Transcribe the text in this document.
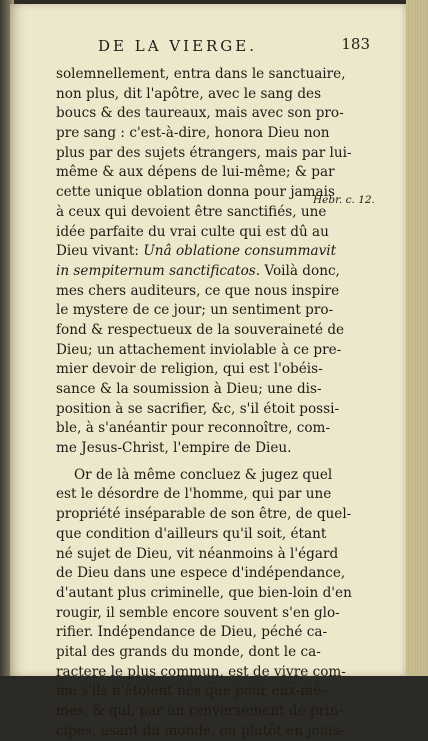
DE LA VIERGE.	183
solemnellement, entra dans le sanctuaire,
non plus, dit l'apôtre, avec le sang des
boucs & des taureaux, mais avec son pro-
pre sang : c'est-à-dire, honora Dieu non
plus par des sujets étrangers, mais par lui-
même & aux dépens de lui-même; & par
cette unique oblation donna pour jamais
à ceux qui devoient être sanctifiés, une
idée parfaite du vrai culte qui est dû au
Dieu vivant: Unâ oblatione consummavit
in sempiternum sanctificatos. Voilà donc,
mes chers auditeurs, ce que nous inspire
le mystere de ce jour; un sentiment pro-
fond & respectueux de la souveraineté de
Dieu; un attachement inviolable à ce pre-
mier devoir de religion, qui est l'obéis-
sance & la soumission à Dieu; une dis-
position à se sacrifier, &c, s'il étoit possi-
ble, à s'anéantir pour reconnoître, com-
me Jesus-Christ, l'empire de Dieu.
Or de là même concluez & jugez quel
est le désordre de l'homme, qui par une
propriété inséparable de son être, de quel-
que condition d'ailleurs qu'il soit, étant
né sujet de Dieu, vit néanmoins à l'égard
de Dieu dans une espece d'indépendance,
d'autant plus criminelle, que bien-loin d'en
rougir, il semble encore souvent s'en glo-
rifier. Indépendance de Dieu, péché ca-
pital des grands du monde, dont le ca-
ractere le plus commun, est de vivre com-
me s'ils n'étoient nés que pour eux-mê-
mes, & qui, par un renversement de prin-
cipes, usant du monde, ou plutôt en jouis-
Hebr. c. 12.
